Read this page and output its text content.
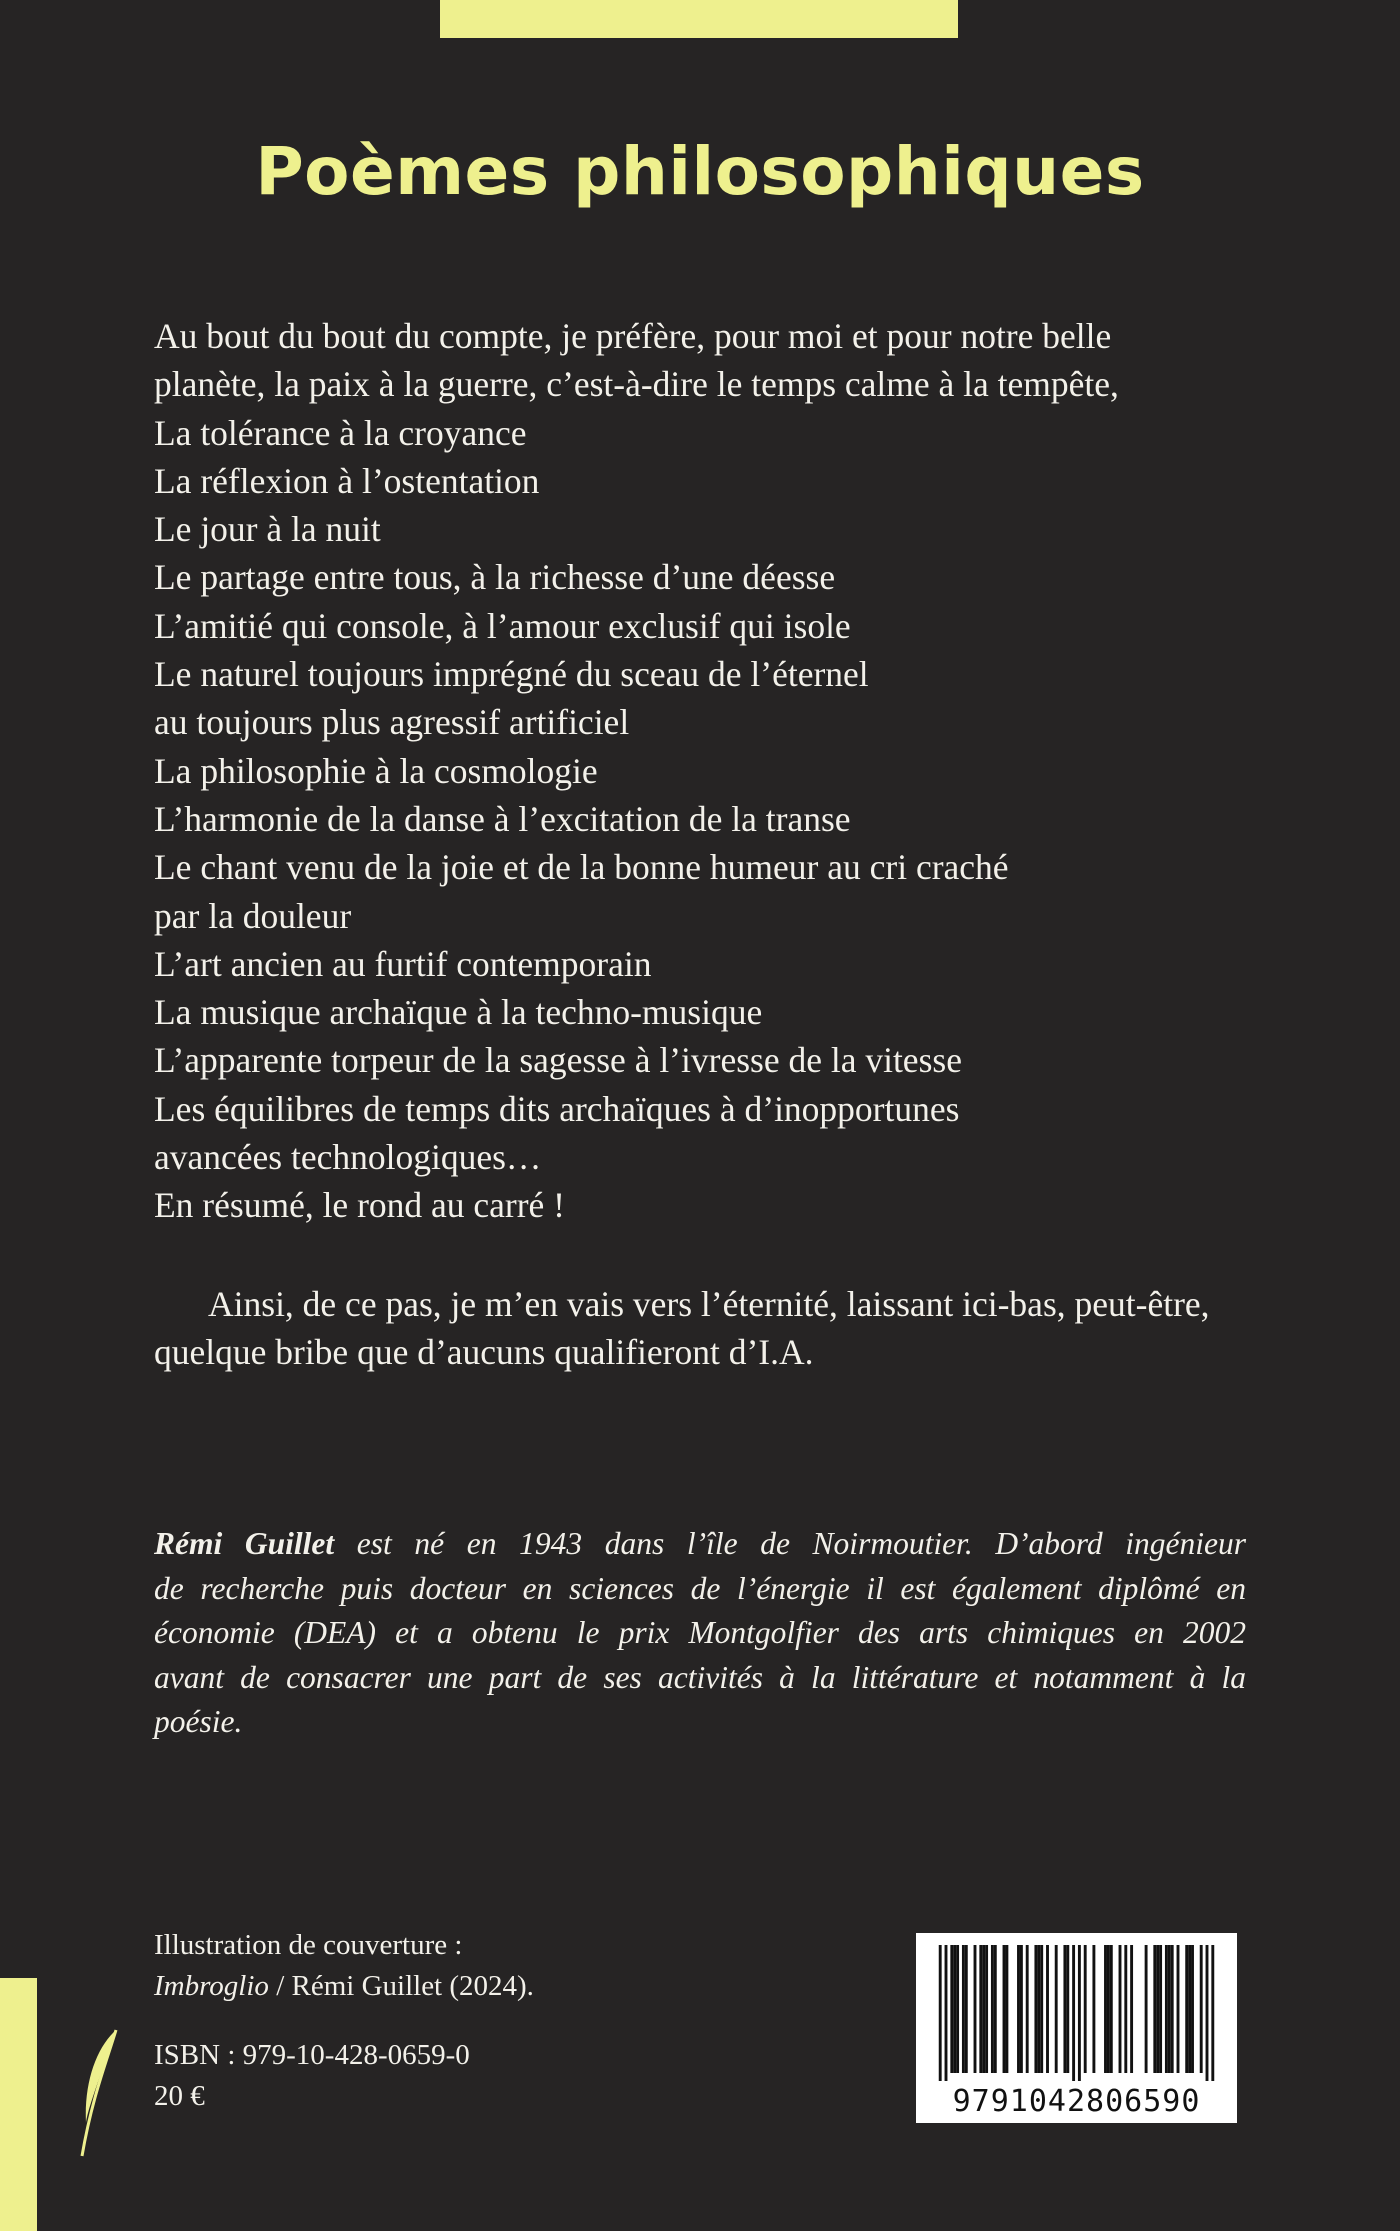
Poèmes philosophiques
Au bout du bout du compte, je préfère, pour moi et pour notre belle
planète, la paix à la guerre, c’est-à-dire le temps calme à la tempête,
La tolérance à la croyance
La réflexion à l’ostentation
Le jour à la nuit
Le partage entre tous, à la richesse d’une déesse
L’amitié qui console, à l’amour exclusif qui isole
Le naturel toujours imprégné du sceau de l’éternel
au toujours plus agressif artificiel
La philosophie à la cosmologie
L’harmonie de la danse à l’excitation de la transe
Le chant venu de la joie et de la bonne humeur au cri craché
par la douleur
L’art ancien au furtif contemporain
La musique archaïque à la techno-musique
L’apparente torpeur de la sagesse à l’ivresse de la vitesse
Les équilibres de temps dits archaïques à d’inopportunes
avancées technologiques…
En résumé, le rond au carré !
Ainsi, de ce pas, je m’en vais vers l’éternité, laissant ici-bas, peut-être,
quelque bribe que d’aucuns qualifieront d’I.A.
Rémi Guillet est né en 1943 dans l’île de Noirmoutier. D’abord ingénieur
de recherche puis docteur en sciences de l’énergie il est également diplômé en
économie (DEA) et a obtenu le prix Montgolfier des arts chimiques en 2002
avant de consacrer une part de ses activités à la littérature et notamment à la
poésie.
Illustration de couverture :
Imbroglio / Rémi Guillet (2024).
ISBN : 979-10-428-0659-0
20 €	9791042806590
